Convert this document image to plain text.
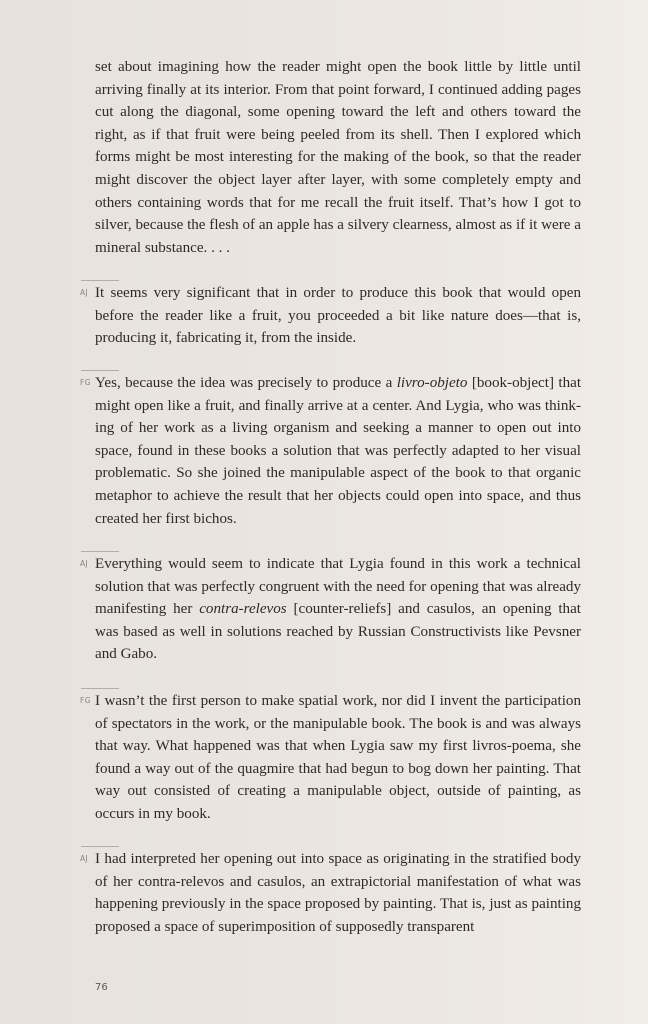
set about imagining how the reader might open the book little by little until arriving finally at its interior. From that point forward, I continued adding pages cut along the diagonal, some opening toward the left and others toward the right, as if that fruit were being peeled from its shell. Then I explored which forms might be most interesting for the making of the book, so that the reader might discover the object layer after layer, with some completely empty and others containing words that for me recall the fruit itself. That’s how I got to silver, because the flesh of an apple has a silvery clearness, almost as if it were a mineral substance. . . .

AJ It seems very significant that in order to produce this book that would open before the reader like a fruit, you proceeded a bit like nature does—that is, producing it, fabricating it, from the inside.

FG Yes, because the idea was precisely to produce a livro-objeto [book-object] that might open like a fruit, and finally arrive at a center. And Lygia, who was thinking of her work as a living organism and seeking a manner to open out into space, found in these books a solution that was perfectly adapted to her visual problematic. So she joined the manipulable aspect of the book to that organic metaphor to achieve the result that her objects could open into space, and thus created her first bichos.

AJ Everything would seem to indicate that Lygia found in this work a technical solution that was perfectly congruent with the need for opening that was already manifesting her contra-relevos [counter-reliefs] and casulos, an opening that was based as well in solutions reached by Russian Constructivists like Pevsner and Gabo.

FG I wasn’t the first person to make spatial work, nor did I invent the participation of spectators in the work, or the manipulable book. The book is and was always that way. What happened was that when Lygia saw my first livros-poema, she found a way out of the quagmire that had begun to bog down her painting. That way out consisted of creating a manipulable object, outside of painting, as occurs in my book.

AJ I had interpreted her opening out into space as originating in the stratified body of her contra-relevos and casulos, an extrapictorial manifestation of what was happening previously in the space proposed by painting. That is, just as painting proposed a space of superimposition of supposedly transparent

76
